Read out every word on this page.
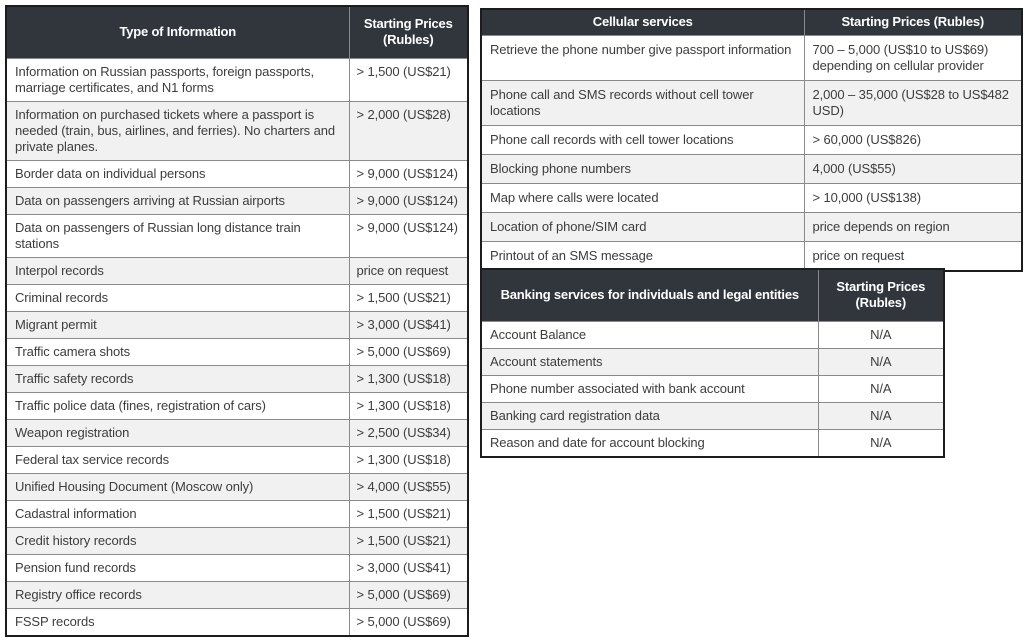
Type of Information	Starting Prices (Rubles)
Information on Russian passports, foreign passports, marriage certificates, and N1 forms	> 1,500 (US$21)
Information on purchased tickets where a passport is needed (train, bus, airlines, and ferries). No charters and private planes.	> 2,000 (US$28)
Border data on individual persons	> 9,000 (US$124)
Data on passengers arriving at Russian airports	> 9,000 (US$124)
Data on passengers of Russian long distance train stations	> 9,000 (US$124)
Interpol records	price on request
Criminal records	> 1,500 (US$21)
Migrant permit	> 3,000 (US$41)
Traffic camera shots	> 5,000 (US$69)
Traffic safety records	> 1,300 (US$18)
Traffic police data (fines, registration of cars)	> 1,300 (US$18)
Weapon registration	> 2,500 (US$34)
Federal tax service records	> 1,300 (US$18)
Unified Housing Document (Moscow only)	> 4,000 (US$55)
Cadastral information	> 1,500 (US$21)
Credit history records	> 1,500 (US$21)
Pension fund records	> 3,000 (US$41)
Registry office records	> 5,000 (US$69)
FSSP records	> 5,000 (US$69)
Cellular services	Starting Prices (Rubles)
Retrieve the phone number give passport information	700 – 5,000 (US$10 to US$69) depending on cellular provider
Phone call and SMS records without cell tower locations	2,000 – 35,000 (US$28 to US$482 USD)
Phone call records with cell tower locations	> 60,000 (US$826)
Blocking phone numbers	4,000 (US$55)
Map where calls were located	> 10,000 (US$138)
Location of phone/SIM card	price depends on region
Printout of an SMS message	price on request
Banking services for individuals and legal entities	Starting Prices (Rubles)
Account Balance	N/A
Account statements	N/A
Phone number associated with bank account	N/A
Banking card registration data	N/A
Reason and date for account blocking	N/A
